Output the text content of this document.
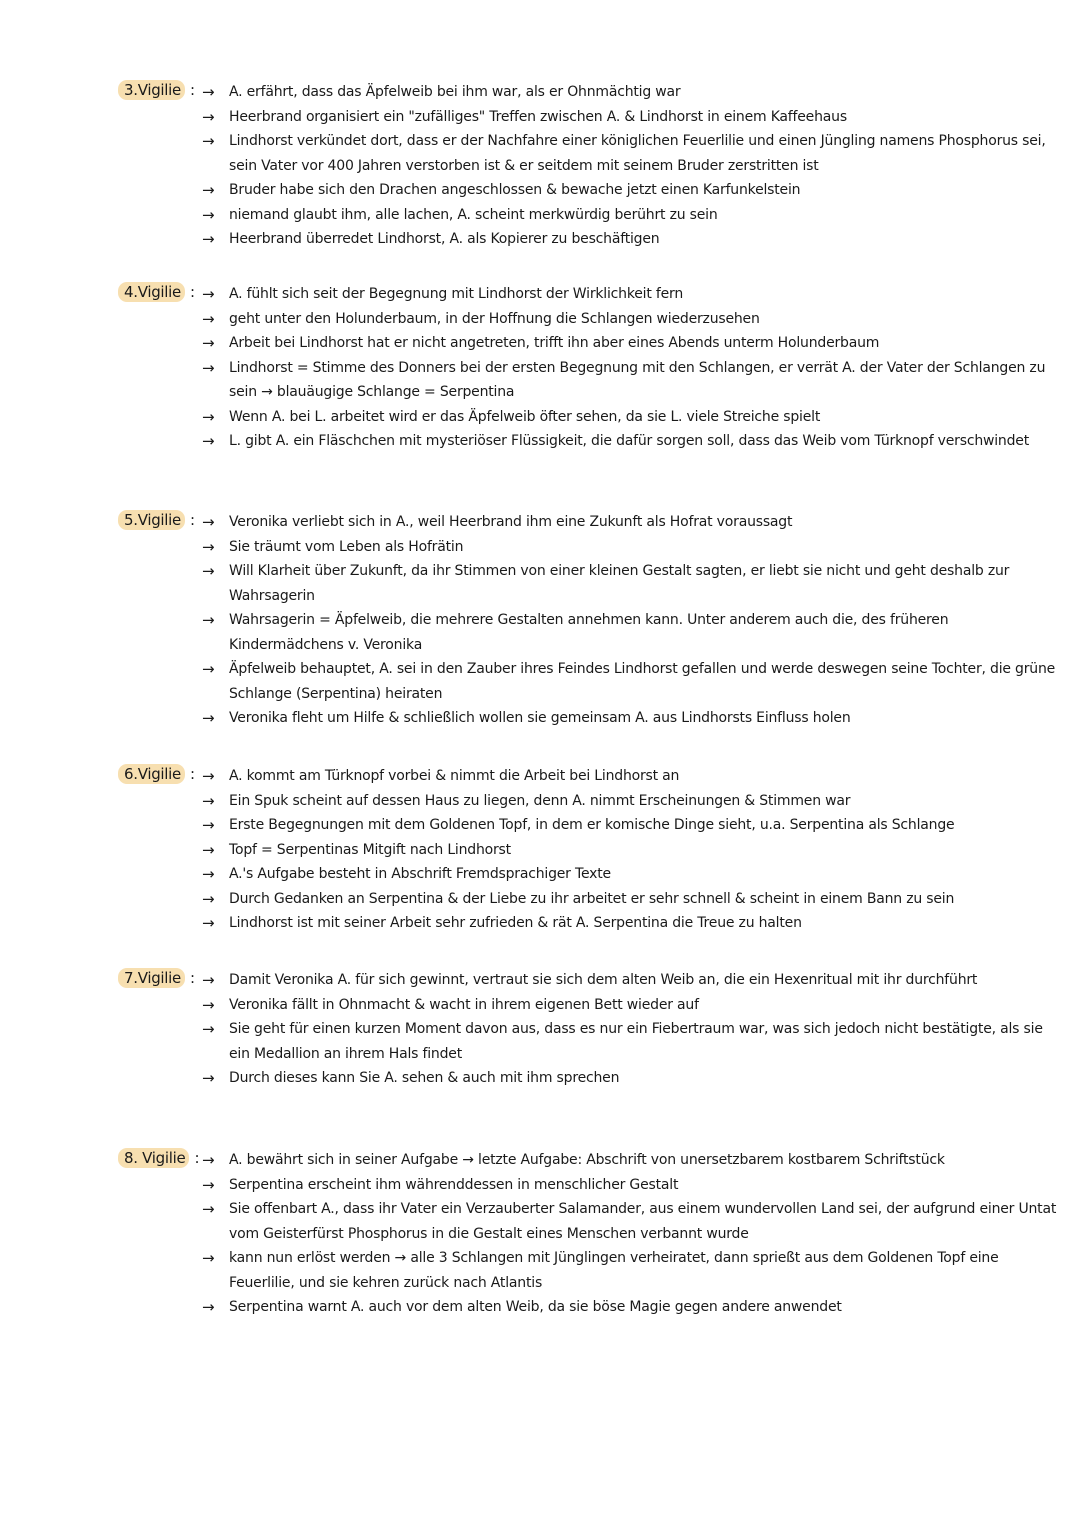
3.Vigilie : → A. erfährt, dass das Äpfelweib bei ihm war, als er Ohnmächtig war
→ Heerbrand organisiert ein "zufälliges" Treffen zwischen A. & Lindhorst in einem Kaffeehaus
→ Lindhorst verkündet dort, dass er der Nachfahre einer königlichen Feuerlilie und einen Jüngling namens Phosphorus sei, sein Vater vor 400 Jahren verstorben ist & er seitdem mit seinem Bruder zerstritten ist
→ Bruder habe sich den Drachen angeschlossen & bewache jetzt einen Karfunkelstein
→ niemand glaubt ihm, alle lachen, A. scheint merkwürdig berührt zu sein
→ Heerbrand überredet Lindhorst, A. als Kopierer zu beschäftigen
4.Vigilie : → A. fühlt sich seit der Begegnung mit Lindhorst der Wirklichkeit fern
→ geht unter den Holunderbaum, in der Hoffnung die Schlangen wiederzusehen
→ Arbeit bei Lindhorst hat er nicht angetreten, trifft ihn aber eines Abends unterm Holunderbaum
→ Lindhorst = Stimme des Donners bei der ersten Begegnung mit den Schlangen, er verrät A. der Vater der Schlangen zu sein → blauäugige Schlange = Serpentina
→ Wenn A. bei L. arbeitet wird er das Äpfelweib öfter sehen, da sie L. viele Streiche spielt
→ L. gibt A. ein Fläschchen mit mysteriöser Flüssigkeit, die dafür sorgen soll, dass das Weib vom Türknopf verschwindet
5.Vigilie : → Veronika verliebt sich in A., weil Heerbrand ihm eine Zukunft als Hofrat voraussagt
→ Sie träumt vom Leben als Hofrätin
→ Will Klarheit über Zukunft, da ihr Stimmen von einer kleinen Gestalt sagten, er liebt sie nicht und geht deshalb zur Wahrsagerin
→ Wahrsagerin = Äpfelweib, die mehrere Gestalten annehmen kann. Unter anderem auch die, des früheren Kindermädchens v. Veronika
→ Äpfelweib behauptet, A. sei in den Zauber ihres Feindes Lindhorst gefallen und werde deswegen seine Tochter, die grüne Schlange (Serpentina) heiraten
→ Veronika fleht um Hilfe & schließlich wollen sie gemeinsam A. aus Lindhorsts Einfluss holen
6.Vigilie : → A. kommt am Türknopf vorbei & nimmt die Arbeit bei Lindhorst an
→ Ein Spuk scheint auf dessen Haus zu liegen, denn A. nimmt Erscheinungen & Stimmen war
→ Erste Begegnungen mit dem Goldenen Topf, in dem er komische Dinge sieht, u.a. Serpentina als Schlange
→ Topf = Serpentinas Mitgift nach Lindhorst
→ A.'s Aufgabe besteht in Abschrift Fremdsprachiger Texte
→ Durch Gedanken an Serpentina & der Liebe zu ihr arbeitet er sehr schnell & scheint in einem Bann zu sein
→ Lindhorst ist mit seiner Arbeit sehr zufrieden & rät A. Serpentina die Treue zu halten
7.Vigilie : → Damit Veronika A. für sich gewinnt, vertraut sie sich dem alten Weib an, die ein Hexenritual mit ihr durchführt
→ Veronika fällt in Ohnmacht & wacht in ihrem eigenen Bett wieder auf
→ Sie geht für einen kurzen Moment davon aus, dass es nur ein Fiebertraum war, was sich jedoch nicht bestätigte, als sie ein Medallion an ihrem Hals findet
→ Durch dieses kann Sie A. sehen & auch mit ihm sprechen
8. Vigilie : → A. bewährt sich in seiner Aufgabe → letzte Aufgabe: Abschrift von unersetzbarem kostbarem Schriftstück
→ Serpentina erscheint ihm währenddessen in menschlicher Gestalt
→ Sie offenbart A., dass ihr Vater ein Verzauberter Salamander, aus einem wundervollen Land sei, der aufgrund einer Untat vom Geisterfürst Phosphorus in die Gestalt eines Menschen verbannt wurde
→ kann nun erlöst werden → alle 3 Schlangen mit Jünglingen verheiratet, dann sprießt aus dem Goldenen Topf eine Feuerlilie, und sie kehren zurück nach Atlantis
→ Serpentina warnt A. auch vor dem alten Weib, da sie böse Magie gegen andere anwendet
